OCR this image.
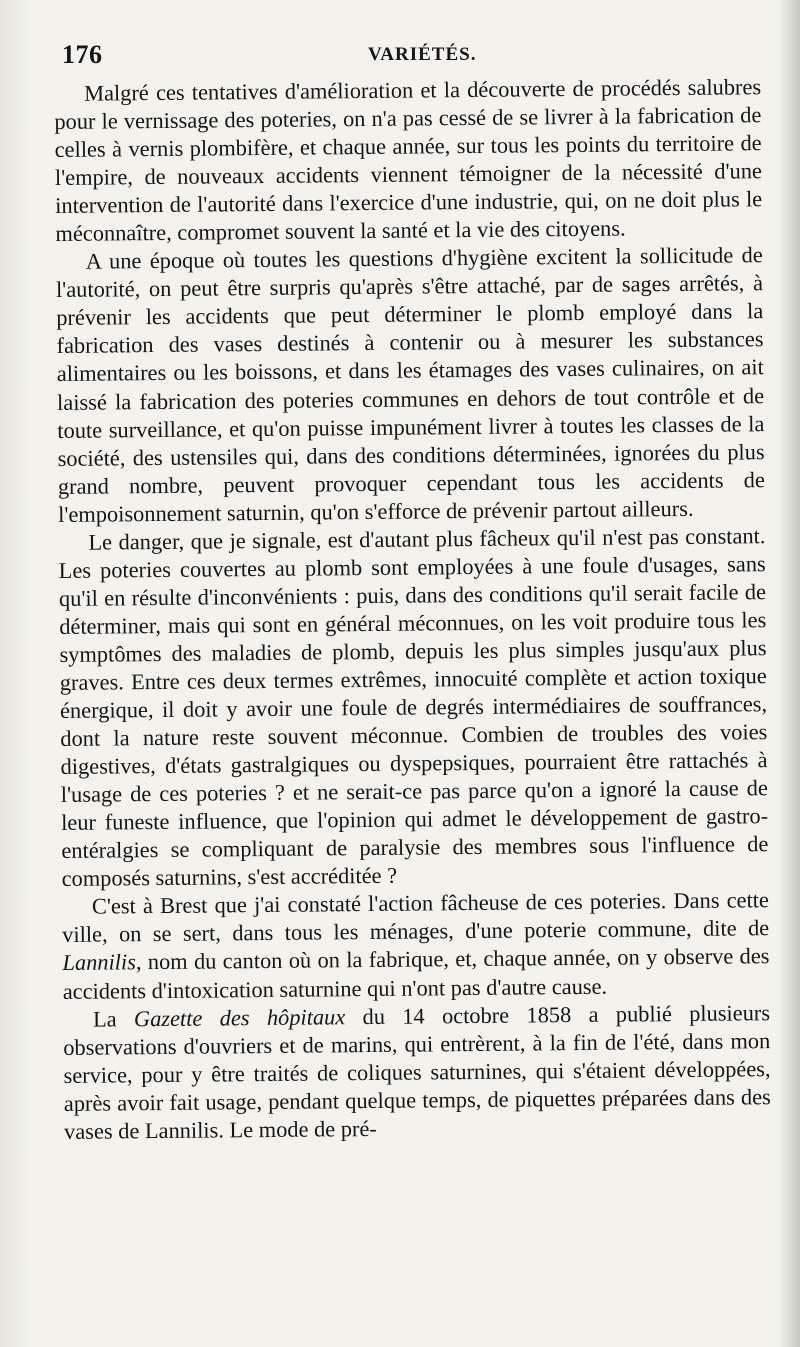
176	VARIÉTÉS.

Malgré ces tentatives d'amélioration et la découverte de procédés salubres pour le vernissage des poteries, on n'a pas cessé de se livrer à la fabrication de celles à vernis plombifère, et chaque année, sur tous les points du territoire de l'empire, de nouveaux accidents viennent témoigner de la nécessité d'une intervention de l'autorité dans l'exercice d'une industrie, qui, on ne doit plus le méconnaître, compromet souvent la santé et la vie des citoyens.

A une époque où toutes les questions d'hygiène excitent la sollicitude de l'autorité, on peut être surpris qu'après s'être attaché, par de sages arrêtés, à prévenir les accidents que peut déterminer le plomb employé dans la fabrication des vases destinés à contenir ou à mesurer les substances alimentaires ou les boissons, et dans les étamages des vases culinaires, on ait laissé la fabrication des poteries communes en dehors de tout contrôle et de toute surveillance, et qu'on puisse impunément livrer à toutes les classes de la société, des ustensiles qui, dans des conditions déterminées, ignorées du plus grand nombre, peuvent provoquer cependant tous les accidents de l'empoisonnement saturnin, qu'on s'efforce de prévenir partout ailleurs.

Le danger, que je signale, est d'autant plus fâcheux qu'il n'est pas constant. Les poteries couvertes au plomb sont employées à une foule d'usages, sans qu'il en résulte d'inconvénients : puis, dans des conditions qu'il serait facile de déterminer, mais qui sont en général méconnues, on les voit produire tous les symptômes des maladies de plomb, depuis les plus simples jusqu'aux plus graves. Entre ces deux termes extrêmes, innocuité complète et action toxique énergique, il doit y avoir une foule de degrés intermédiaires de souffrances, dont la nature reste souvent méconnue. Combien de troubles des voies digestives, d'états gastralgiques ou dyspepsiques, pourraient être rattachés à l'usage de ces poteries ? et ne serait-ce pas parce qu'on a ignoré la cause de leur funeste influence, que l'opinion qui admet le développement de gastro-entéralgies se compliquant de paralysie des membres sous l'influence de composés saturnins, s'est accréditée ?

C'est à Brest que j'ai constaté l'action fâcheuse de ces poteries. Dans cette ville, on se sert, dans tous les ménages, d'une poterie commune, dite de Lannilis, nom du canton où on la fabrique, et, chaque année, on y observe des accidents d'intoxication saturnine qui n'ont pas d'autre cause.

La Gazette des hôpitaux du 14 octobre 1858 a publié plusieurs observations d'ouvriers et de marins, qui entrèrent, à la fin de l'été, dans mon service, pour y être traités de coliques saturnines, qui s'étaient développées, après avoir fait usage, pendant quelque temps, de piquettes préparées dans des vases de Lannilis. Le mode de pré-
